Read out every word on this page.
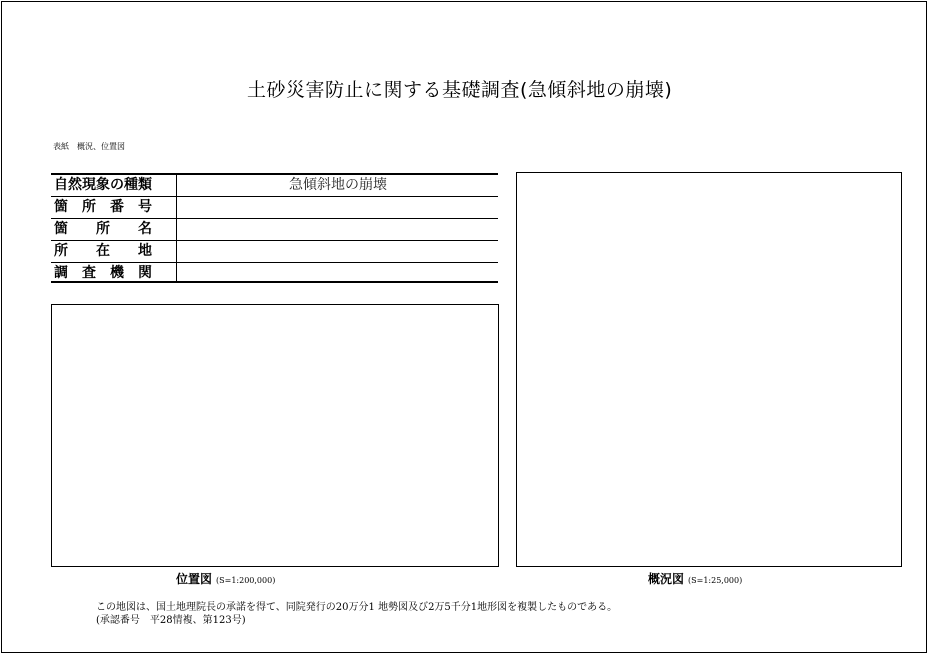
土砂災害防止に関する基礎調査(急傾斜地の崩壊)
表紙　概況、位置図
自然現象の種類	急傾斜地の崩壊
箇　所　番　号
箇　　所　　名
所　　在　　地
調　査　機　関
位置図 (S=1:200,000)	概況図 (S=1:25,000)
この地図は、国土地理院長の承諾を得て、同院発行の20万分1 地勢図及び2万5千分1地形図を複製したものである。
(承認番号　平28情複、第123号)
